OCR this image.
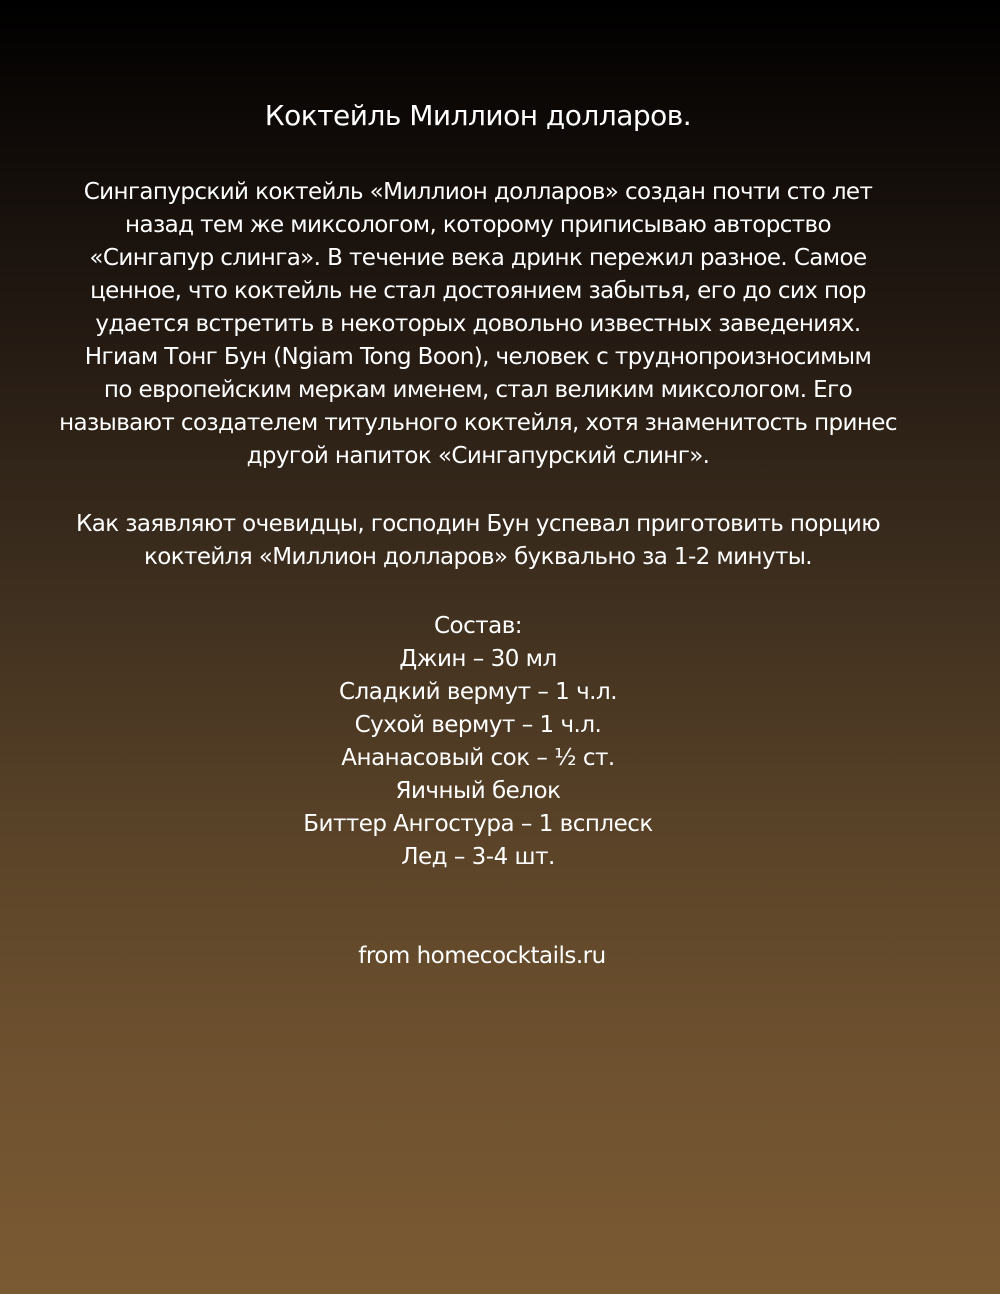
Коктейль Миллион долларов.
Сингапурский коктейль «Миллион долларов» создан почти сто лет
назад тем же миксологом, которому приписываю авторство
«Сингапур слинга». В течение века дринк пережил разное. Самое
ценное, что коктейль не стал достоянием забытья, его до сих пор
удается встретить в некоторых довольно известных заведениях.
Нгиам Тонг Бун (Ngiam Tong Boon), человек с труднопроизносимым
по европейским меркам именем, стал великим миксологом. Его
называют создателем титульного коктейля, хотя знаменитость принес
другой напиток «Сингапурский слинг».
Как заявляют очевидцы, господин Бун успевал приготовить порцию
коктейля «Миллион долларов» буквально за 1-2 минуты.
Состав:
Джин – 30 мл
Сладкий вермут – 1 ч.л.
Сухой вермут – 1 ч.л.
Ананасовый сок – ½ ст.
Яичный белок
Биттер Ангостура – 1 всплеск
Лед – 3-4 шт.
from homecocktails.ru
